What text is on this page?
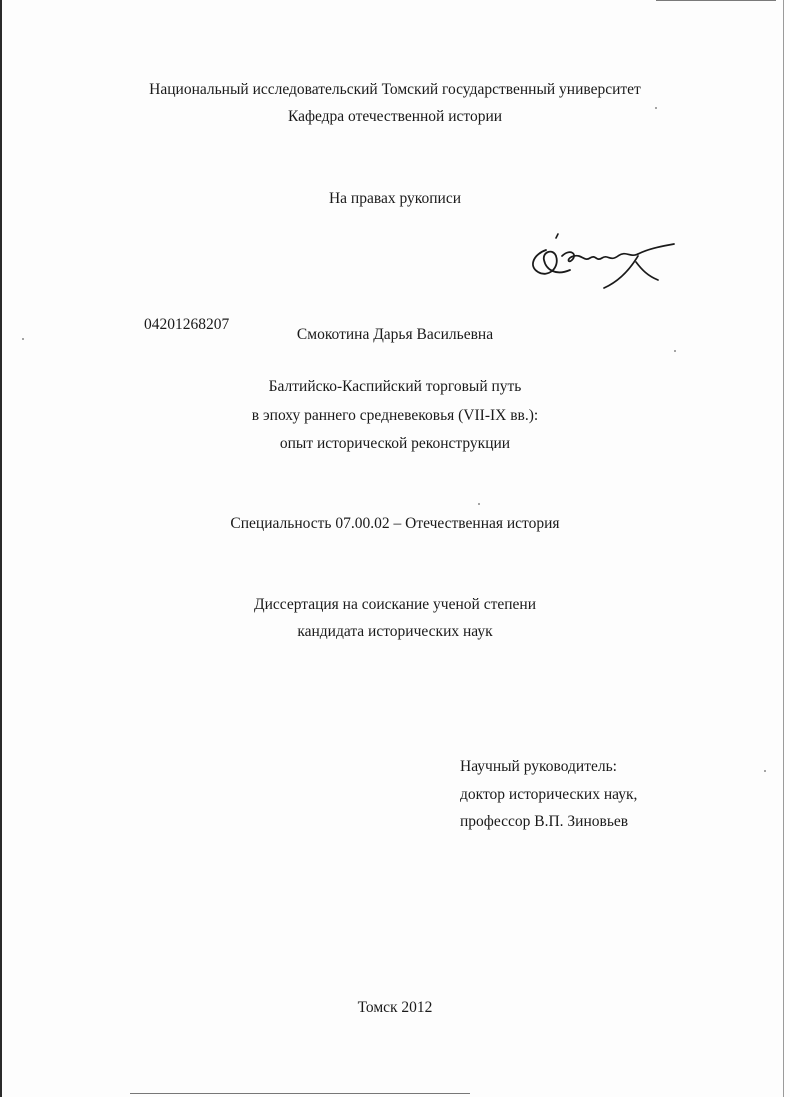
Национальный исследовательский Томский государственный университет
Кафедра отечественной истории
На правах рукописи
04201268207
Смокотина Дарья Васильевна
Балтийско-Каспийский торговый путь
в эпоху раннего средневековья (VII-IX вв.):
опыт исторической реконструкции
Специальность 07.00.02 – Отечественная история
Диссертация на соискание ученой степени
кандидата исторических наук
Научный руководитель:
доктор исторических наук,
профессор В.П. Зиновьев
Томск 2012
